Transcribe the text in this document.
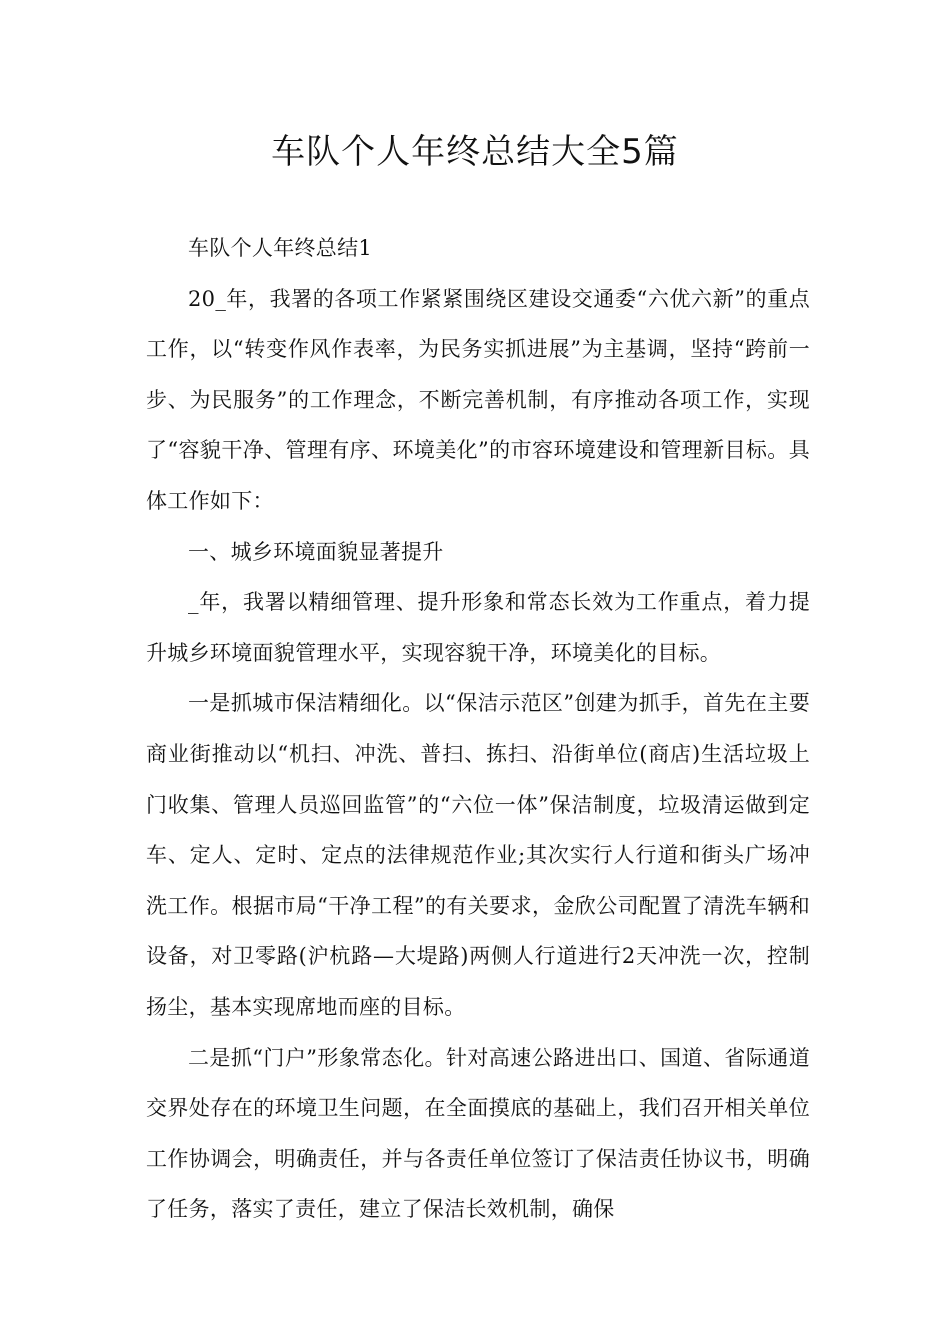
车队个人年终总结大全5篇

车队个人年终总结1

20_年，我署的各项工作紧紧围绕区建设交通委“六优六新”的重点工作，以“转变作风作表率，为民务实抓进展”为主基调，坚持“跨前一步、为民服务”的工作理念，不断完善机制，有序推动各项工作，实现了“容貌干净、管理有序、环境美化”的市容环境建设和管理新目标。具体工作如下：

一、城乡环境面貌显著提升

_年，我署以精细管理、提升形象和常态长效为工作重点，着力提升城乡环境面貌管理水平，实现容貌干净，环境美化的目标。

一是抓城市保洁精细化。以“保洁示范区”创建为抓手，首先在主要商业街推动以“机扫、冲洗、普扫、拣扫、沿街单位(商店)生活垃圾上门收集、管理人员巡回监管”的“六位一体”保洁制度，垃圾清运做到定车、定人、定时、定点的法律规范作业;其次实行人行道和街头广场冲洗工作。根据市局“干净工程”的有关要求，金欣公司配置了清洗车辆和设备，对卫零路(沪杭路—大堤路)两侧人行道进行2天冲洗一次，控制扬尘，基本实现席地而座的目标。

二是抓“门户”形象常态化。针对高速公路进出口、国道、省际通道交界处存在的环境卫生问题，在全面摸底的基础上，我们召开相关单位工作协调会，明确责任，并与各责任单位签订了保洁责任协议书，明确了任务，落实了责任，建立了保洁长效机制，确保
